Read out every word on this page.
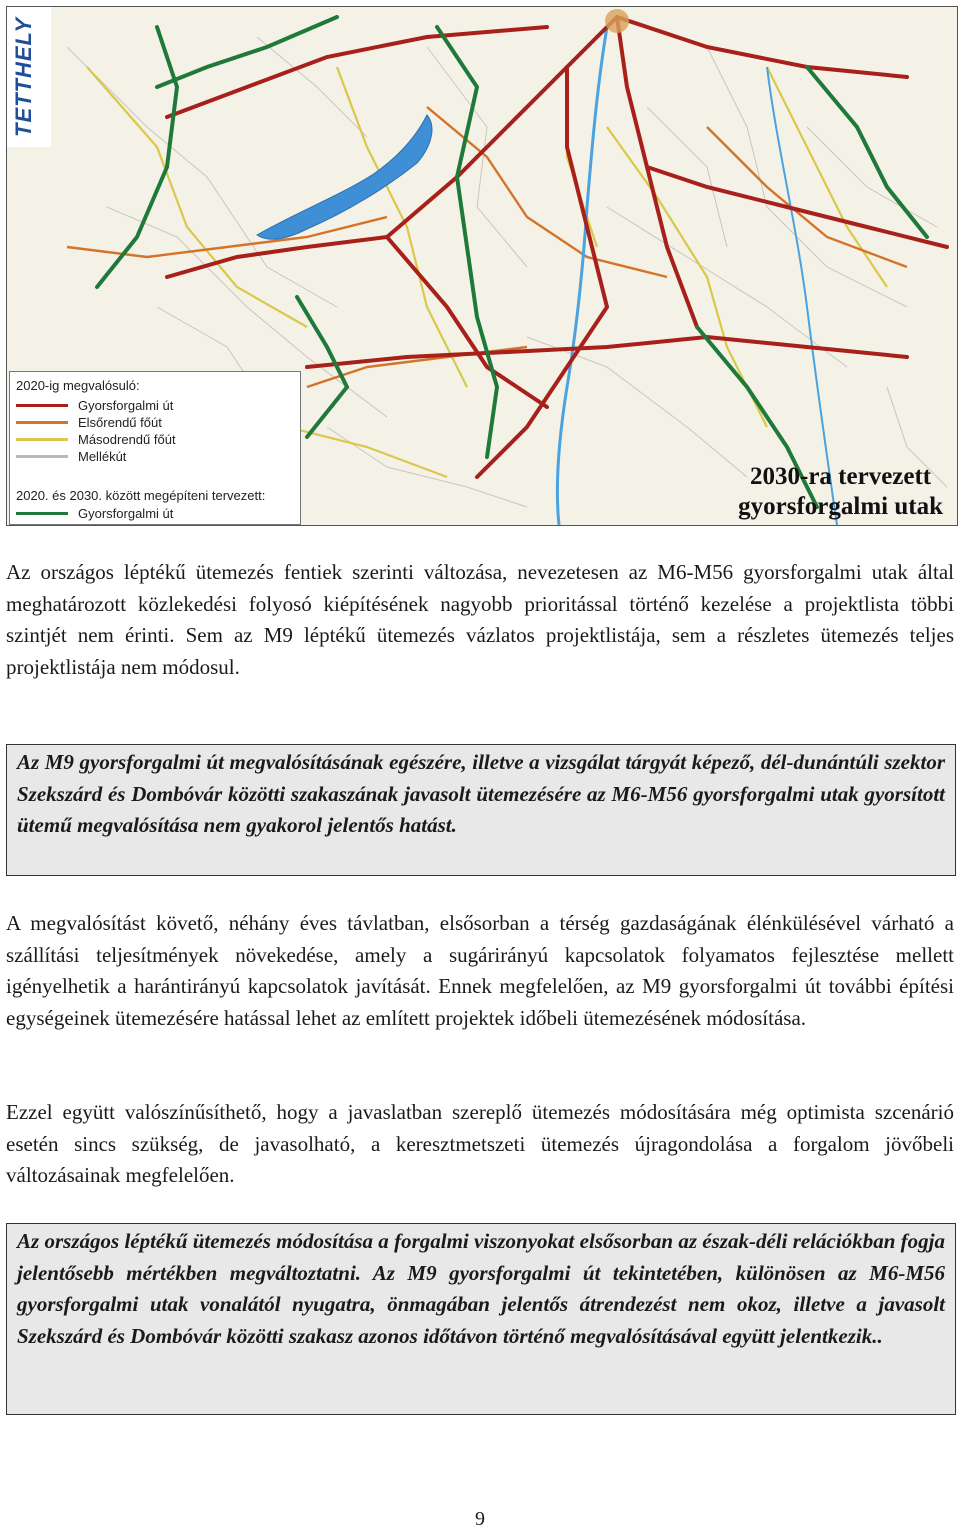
TETTHELY
2020-ig megvalósuló:
Gyorsforgalmi út
Elsőrendű főút
Másodrendű főút
Mellékút
2020. és 2030. között megépíteni tervezett:
Gyorsforgalmi út
2030-ra tervezett
gyorsforgalmi utak

Az országos léptékű ütemezés fentiek szerinti változása, nevezetesen az M6-M56 gyorsforgalmi utak által meghatározott közlekedési folyosó kiépítésének nagyobb prioritással történő kezelése a projektlista többi szintjét nem érinti. Sem az M9 léptékű ütemezés vázlatos projektlistája, sem a részletes ütemezés teljes projektlistája nem módosul.

Az M9 gyorsforgalmi út megvalósításának egészére, illetve a vizsgálat tárgyát képező, dél-dunántúli szektor Szekszárd és Dombóvár közötti szakaszának javasolt ütemezésére az M6-M56 gyorsforgalmi utak gyorsított ütemű megvalósítása nem gyakorol jelentős hatást.

A megvalósítást követő, néhány éves távlatban, elsősorban a térség gazdaságának élénkülésével várható a szállítási teljesítmények növekedése, amely a sugárirányú kapcsolatok folyamatos fejlesztése mellett igényelhetik a harántirányú kapcsolatok javítását. Ennek megfelelően, az M9 gyorsforgalmi út további építési egységeinek ütemezésére hatással lehet az említett projektek időbeli ütemezésének módosítása.

Ezzel együtt valószínűsíthető, hogy a javaslatban szereplő ütemezés módosítására még optimista szcenárió esetén sincs szükség, de javasolható, a keresztmetszeti ütemezés újragondolása a forgalom jövőbeli változásainak megfelelően.

Az országos léptékű ütemezés módosítása a forgalmi viszonyokat elsősorban az észak-déli relációkban fogja jelentősebb mértékben megváltoztatni. Az M9 gyorsforgalmi út tekintetében, különösen az M6-M56 gyorsforgalmi utak vonalától nyugatra, önmagában jelentős átrendezést nem okoz, illetve a javasolt Szekszárd és Dombóvár közötti szakasz azonos időtávon történő megvalósításával együtt jelentkezik..

9
